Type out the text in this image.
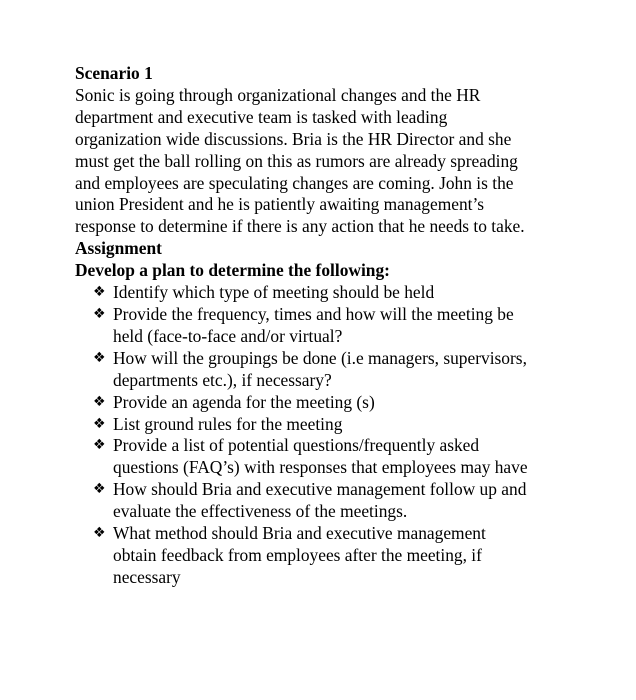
Scenario 1

Sonic is going through organizational changes and the HR
department and executive team is tasked with leading
organization wide discussions. Bria is the HR Director and she
must get the ball rolling on this as rumors are already spreading
and employees are speculating changes are coming. John is the
union President and he is patiently awaiting management’s
response to determine if there is any action that he needs to take.

Assignment

Develop a plan to determine the following:

❖ Identify which type of meeting should be held
❖ Provide the frequency, times and how will the meeting be
held (face-to-face and/or virtual?
❖ How will the groupings be done (i.e managers, supervisors,
departments etc.), if necessary?
❖ Provide an agenda for the meeting (s)
❖ List ground rules for the meeting
❖ Provide a list of potential questions/frequently asked
questions (FAQ’s) with responses that employees may have
❖ How should Bria and executive management follow up and
evaluate the effectiveness of the meetings.
❖ What method should Bria and executive management
obtain feedback from employees after the meeting, if
necessary
